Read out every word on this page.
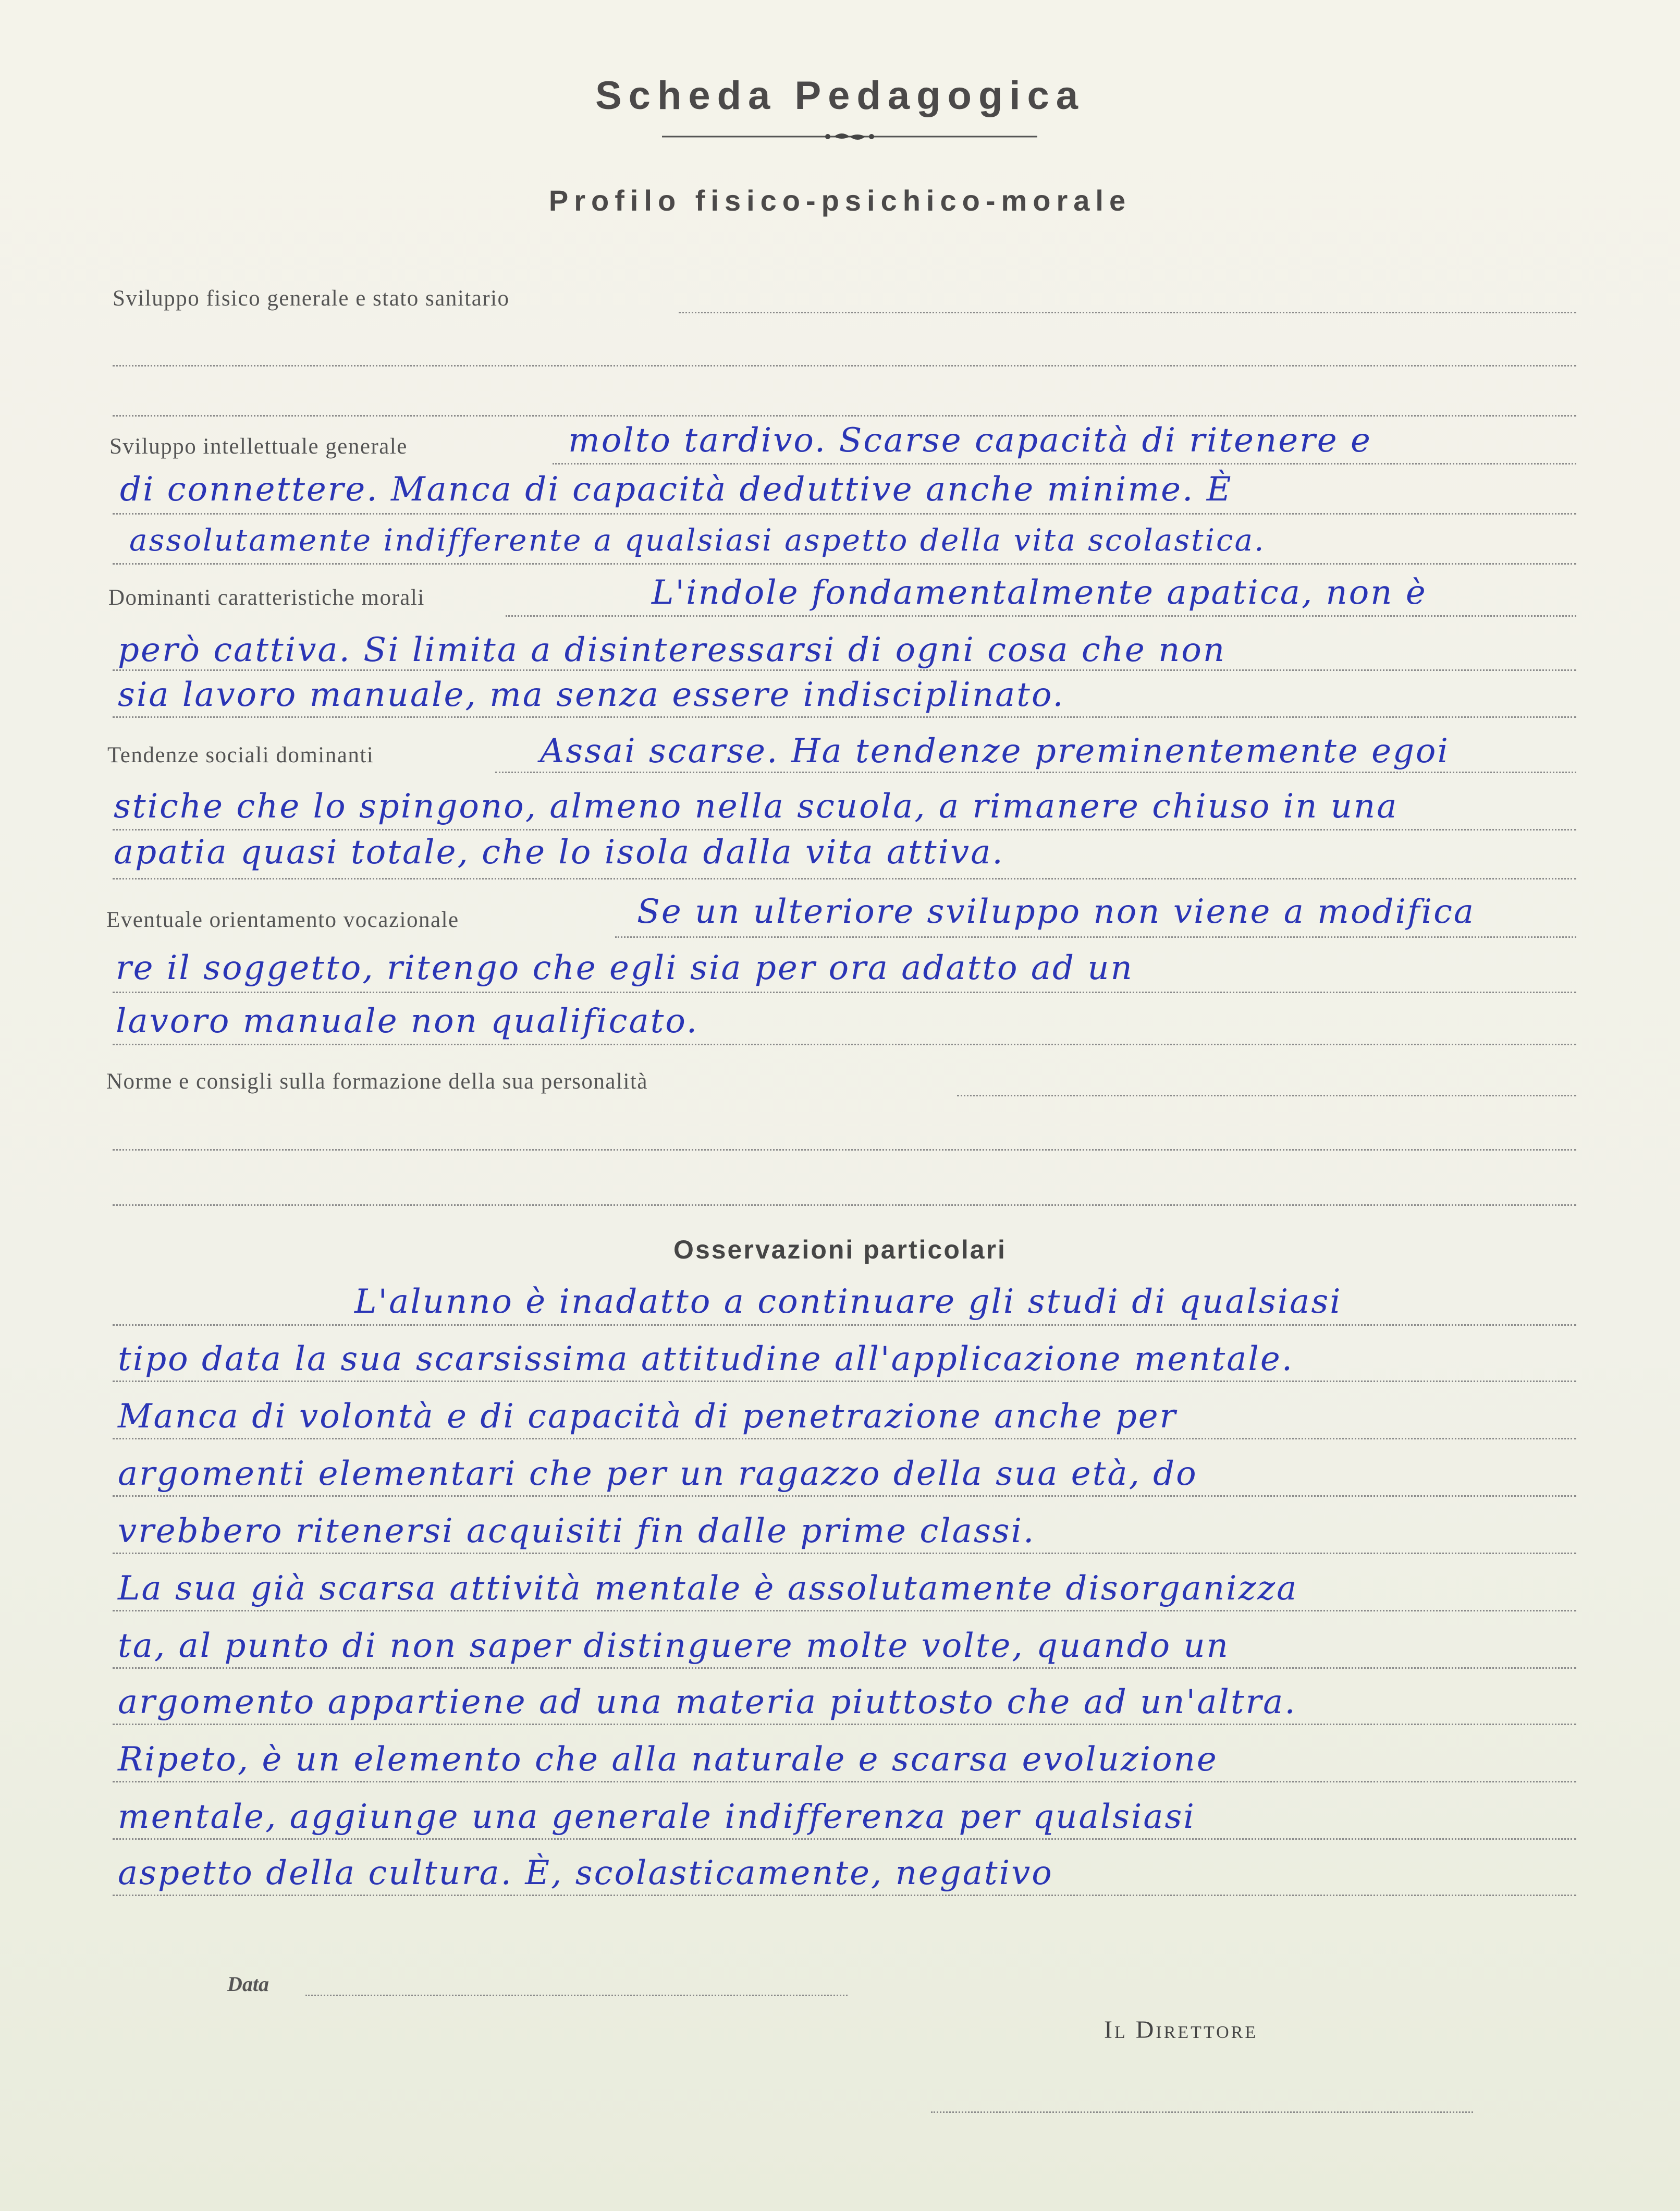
Scheda Pedagogica
Profilo fisico-psichico-morale
Sviluppo fisico generale e stato sanitario
Sviluppo intellettuale generale	molto tardivo. Scarse capacità di ritenere e
di connettere. Manca di capacità deduttive anche minime. È
assolutamente indifferente a qualsiasi aspetto della vita scolastica.
Dominanti caratteristiche morali	L'indole fondamentalmente apatica, non è
però cattiva. Si limita a disinteressarsi di ogni cosa che non
sia lavoro manuale, ma senza essere indisciplinato.
Tendenze sociali dominanti	Assai scarse. Ha tendenze preminentemente egoi
stiche che lo spingono, almeno nella scuola, a rimanere chiuso in una
apatia quasi totale, che lo isola dalla vita attiva.
Eventuale orientamento vocazionale	Se un ulteriore sviluppo non viene a modifica
re il soggetto, ritengo che egli sia per ora adatto ad un
lavoro manuale non qualificato.
Norme e consigli sulla formazione della sua personalità
Osservazioni particolari
L'alunno è inadatto a continuare gli studi di qualsiasi
tipo data la sua scarsissima attitudine all'applicazione mentale.
Manca di volontà e di capacità di penetrazione anche per
argomenti elementari che per un ragazzo della sua età, do
vrebbero ritenersi acquisiti fin dalle prime classi.
La sua già scarsa attività mentale è assolutamente disorganizza
ta, al punto di non saper distinguere molte volte, quando un
argomento appartiene ad una materia piuttosto che ad un'altra.
Ripeto, è un elemento che alla naturale e scarsa evoluzione
mentale, aggiunge una generale indifferenza per qualsiasi
aspetto della cultura. È, scolasticamente, negativo
Data
Il Direttore
